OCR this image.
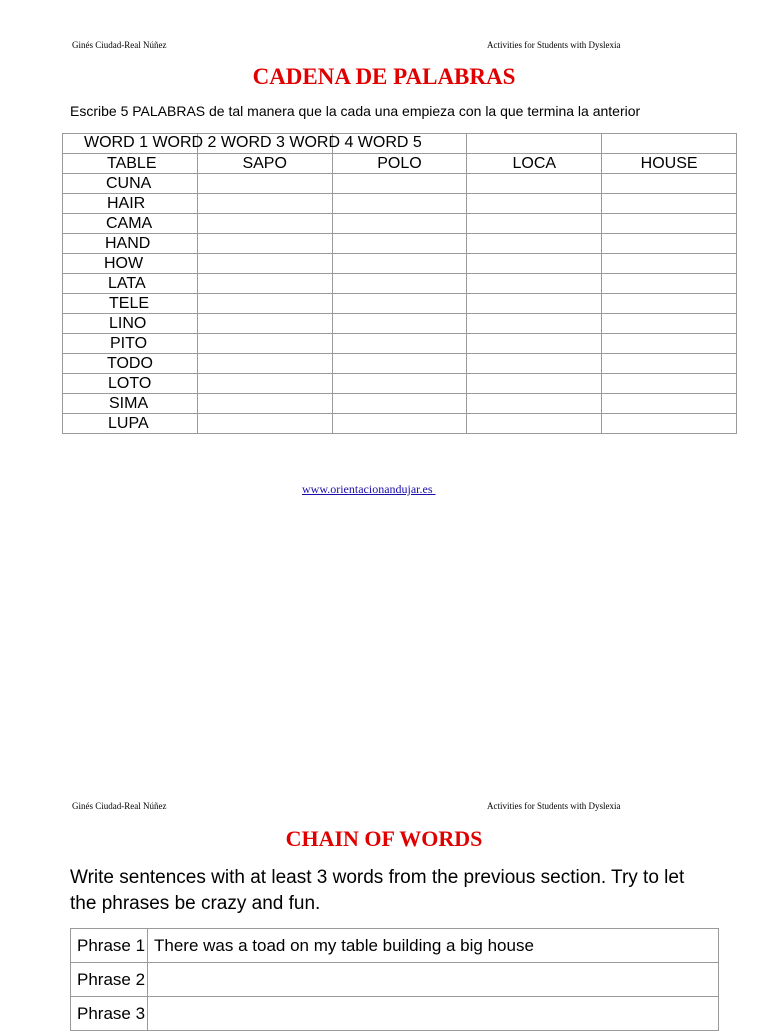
Ginés Ciudad-Real Núñez	Activities for Students with Dyslexia
CADENA DE PALABRAS
Escribe 5 PALABRAS de tal manera que la cada una empieza con la que termina la anterior
WORD 1 WORD 2 WORD 3 WORD 4 WORD 5				

TABLE	SAPO	POLO	LOCA	HOUSE
CUNA				
HAIR				
CAMA				
HAND				
HOW				
LATA				
TELE				
LINO				
PITO				
TODO				
LOTO				
SIMA				
LUPA				
www.orientacionandujar.es
Ginés Ciudad-Real Núñez	Activities for Students with Dyslexia
CHAIN OF WORDS
Write sentences with at least 3 words from the previous section. Try to let the phrases be crazy and fun.
Phrase 1	There was a toad on my table building a big house
Phrase 2	
Phrase 3	
